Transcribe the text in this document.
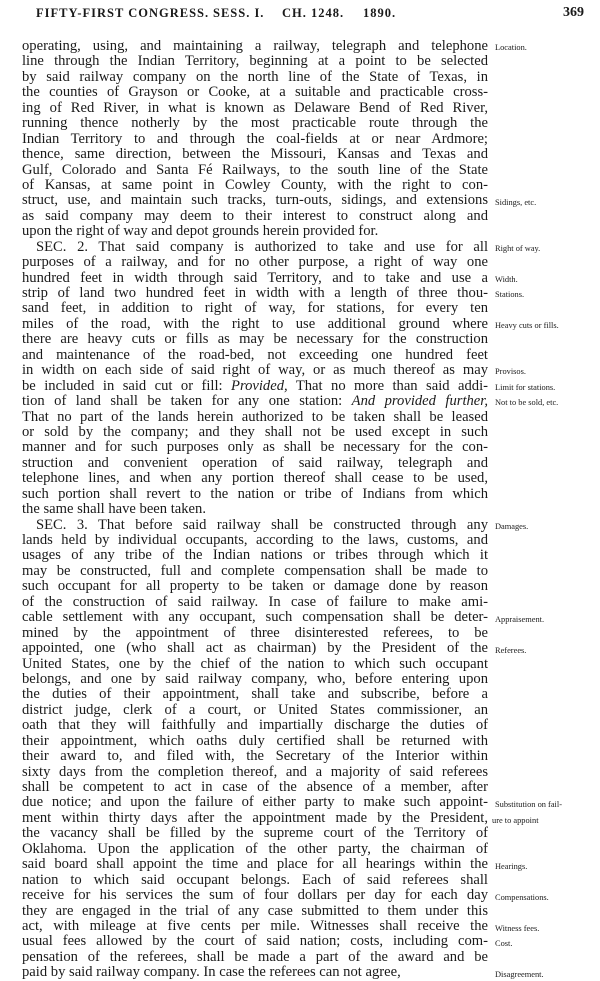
FIFTY-FIRST CONGRESS. SESS. I. CH. 1248. 1890.	369
operating, using, and maintaining a railway, telegraph and telephone
line through the Indian Territory, beginning at a point to be selected
by said railway company on the north line of the State of Texas, in
the counties of Grayson or Cooke, at a suitable and practicable cross-
ing of Red River, in what is known as Delaware Bend of Red River,
running thence notherly by the most practicable route through the
Indian Territory to and through the coal-fields at or near Ardmore;
thence, same direction, between the Missouri, Kansas and Texas and
Gulf, Colorado and Santa Fé Railways, to the south line of the State
of Kansas, at same point in Cowley County, with the right to con-
struct, use, and maintain such tracks, turn-outs, sidings, and extensions
as said company may deem to their interest to construct along and
upon the right of way and depot grounds herein provided for.
SEC. 2. That said company is authorized to take and use for all
purposes of a railway, and for no other purpose, a right of way one
hundred feet in width through said Territory, and to take and use a
strip of land two hundred feet in width with a length of three thou-
sand feet, in addition to right of way, for stations, for every ten
miles of the road, with the right to use additional ground where
there are heavy cuts or fills as may be necessary for the construction
and maintenance of the road-bed, not exceeding one hundred feet
in width on each side of said right of way, or as much thereof as may
be included in said cut or fill: Provided, That no more than said addi-
tion of land shall be taken for any one station: And provided further,
That no part of the lands herein authorized to be taken shall be leased
or sold by the company; and they shall not be used except in such
manner and for such purposes only as shall be necessary for the con-
struction and convenient operation of said railway, telegraph and
telephone lines, and when any portion thereof shall cease to be used,
such portion shall revert to the nation or tribe of Indians from which
the same shall have been taken.
SEC. 3. That before said railway shall be constructed through any
lands held by individual occupants, according to the laws, customs, and
usages of any tribe of the Indian nations or tribes through which it
may be constructed, full and complete compensation shall be made to
such occupant for all property to be taken or damage done by reason
of the construction of said railway. In case of failure to make ami-
cable settlement with any occupant, such compensation shall be deter-
mined by the appointment of three disinterested referees, to be
appointed, one (who shall act as chairman) by the President of the
United States, one by the chief of the nation to which such occupant
belongs, and one by said railway company, who, before entering upon
the duties of their appointment, shall take and subscribe, before a
district judge, clerk of a court, or United States commissioner, an
oath that they will faithfully and impartially discharge the duties of
their appointment, which oaths duly certified shall be returned with
their award to, and filed with, the Secretary of the Interior within
sixty days from the completion thereof, and a majority of said referees
shall be competent to act in case of the absence of a member, after
due notice; and upon the failure of either party to make such appoint-
ment within thirty days after the appointment made by the President,
the vacancy shall be filled by the supreme court of the Territory of
Oklahoma. Upon the application of the other party, the chairman of
said board shall appoint the time and place for all hearings within the
nation to which said occupant belongs. Each of said referees shall
receive for his services the sum of four dollars per day for each day
they are engaged in the trial of any case submitted to them under this
act, with mileage at five cents per mile. Witnesses shall receive the
usual fees allowed by the court of said nation; costs, including com-
pensation of the referees, shall be made a part of the award and be
paid by said railway company. In case the referees can not agree,
Location.
Sidings, etc.
Right of way.
Width.
Stations.
Heavy cuts or fills.
Provisos.
Limit for stations.
Not to be sold, etc.
Damages.
Appraisement.
Referees.
Substitution on fail-
ure to appoint
Hearings.
Compensations.
Witness fees.
Cost.
Disagreement.
